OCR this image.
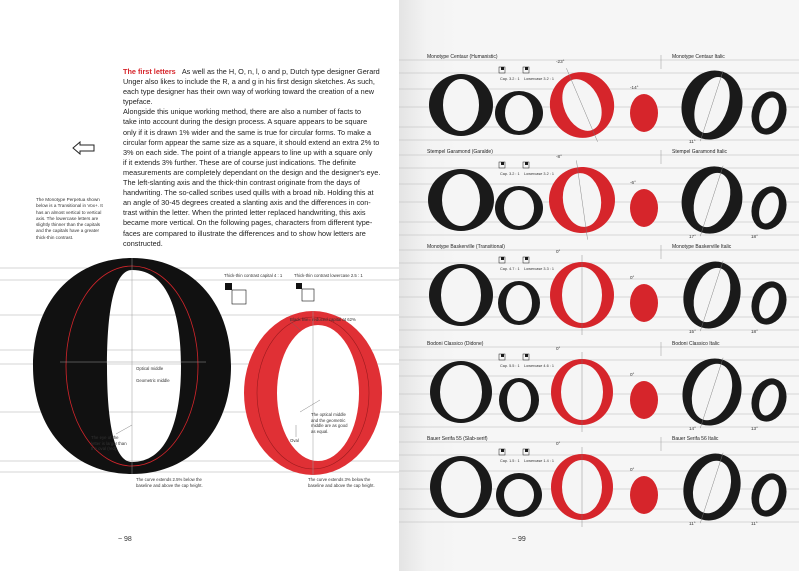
The first letters As well as the H, O, n, l, o and p, Dutch type designer Gerard
Unger also likes to include the R, a and g in his first design sketches. As such,
each type designer has their own way of working toward the creation of a new
typeface.
Alongside this unique working method, there are also a number of facts to
take into account during the design process. A square appears to be square
only if it is drawn 1% wider and the same is true for circular forms. To make a
circular form appear the same size as a square, it should extend an extra 2% to
3% on each side. The point of a triangle appears to line up with a square only
if it extends 3% further. These are of course just indications. The definite
measurements are completely dependant on the design and the designer's eye.
The left-slanting axis and the thick-thin contrast originate from the days of
handwriting. The so-called scribes used quills with a broad nib. Holding this at
an angle of 30-45 degrees created a slanting axis and the differences in con-
trast within the letter. When the printed letter replaced handwriting, this axis
became more vertical. On the following pages, characters from different type-
faces are compared to illustrate the differences and to show how letters are
constructed.

The Monotype Perpetua shown
below is a Transitional in Vox+. It
has an almost vertical to vertical
axis. The lowercase letters are
slightly thinner than the capitals
and the capitals have a greater
thick-thin contrast.
Thick-thin contrast capital 4 : 1	Thick-thin contrast lowercase 2.5 : 1
Black line= reduced capital at 62%
Optical middle
Geometric middle
The eye of the
letter is larger than
the oval (red).
The optical middle
and the geometric
middle are as good
as equal.
Oval
The curve extends 2.5% below the
baseline and above the cap height.
The curve extends 3% below the
baseline and above the cap height.
~ 98
Monotype Centaur (Humanistic)	Monotype Centaur Italic
Cap. 3.2 : 1 Lowercase 3.2 : 1
-23°
-14°
11°
Stempel Garamond (Garalde)	Stempel Garamond Italic
Cap. 3.2 : 1 Lowercase 3.2 : 1
-8°
-6°
17°	18°
Monotype Baskerville (Transitional)	Monotype Baskerville Italic
Cap. 4.7 : 1 Lowercase 3.3 : 1
0°
0°
15°	18°
Bodoni Classico (Didone)	Bodoni Classico Italic
Cap. 5.5 : 1 Lowercase 4.6 : 1
0°
0°
14°	13°
Bauer Serifa 55 (Slab-serif)	Bauer Serifa 56 Italic
Cap. 1.5 : 1 Lowercase 1.4 : 1
0°
0°
11°	11°
~ 99
